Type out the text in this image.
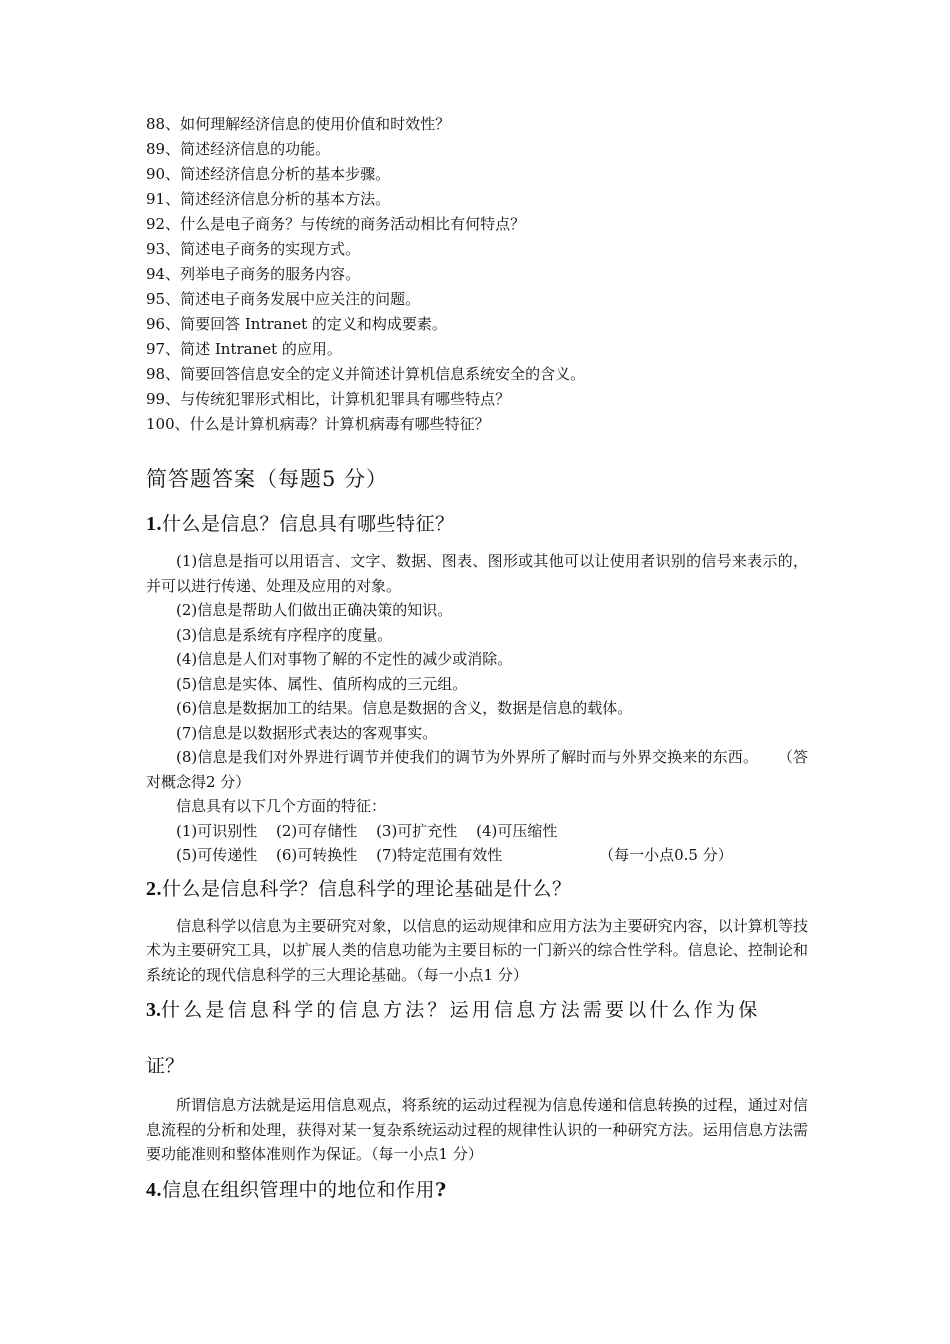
88、如何理解经济信息的使用价值和时效性？
89、简述经济信息的功能。
90、简述经济信息分析的基本步骤。
91、简述经济信息分析的基本方法。
92、什么是电子商务？与传统的商务活动相比有何特点？
93、简述电子商务的实现方式。
94、列举电子商务的服务内容。
95、简述电子商务发展中应关注的问题。
96、简要回答 Intranet 的定义和构成要素。
97、简述 Intranet 的应用。
98、简要回答信息安全的定义并简述计算机信息系统安全的含义。
99、与传统犯罪形式相比，计算机犯罪具有哪些特点？
100、什么是计算机病毒？计算机病毒有哪些特征？
简答题答案（每题5 分）
1.什么是信息？信息具有哪些特征？
(1)信息是指可以用语言、文字、数据、图表、图形或其他可以让使用者识别的信号来表示的，并可以进行传递、处理及应用的对象。
(2)信息是帮助人们做出正确决策的知识。
(3)信息是系统有序程序的度量。
(4)信息是人们对事物了解的不定性的减少或消除。
(5)信息是实体、属性、值所构成的三元组。
(6)信息是数据加工的结果。信息是数据的含义，数据是信息的载体。
(7)信息是以数据形式表达的客观事实。
(8)信息是我们对外界进行调节并使我们的调节为外界所了解时而与外界交换来的东西。 （答对概念得2 分）
信息具有以下几个方面的特征：
(1)可识别性 (2)可存储性 (3)可扩充性 (4)可压缩性
(5)可传递性 (6)可转换性 (7)特定范围有效性	（每一小点0.5 分）
2.什么是信息科学？信息科学的理论基础是什么？
信息科学以信息为主要研究对象，以信息的运动规律和应用方法为主要研究内容，以计算机等技术为主要研究工具，以扩展人类的信息功能为主要目标的一门新兴的综合性学科。信息论、控制论和系统论的现代信息科学的三大理论基础。（每一小点1 分）
3.什么是信息科学的信息方法？运用信息方法需要以什么作为保
证？
所谓信息方法就是运用信息观点，将系统的运动过程视为信息传递和信息转换的过程，通过对信息流程的分析和处理，获得对某一复杂系统运动过程的规律性认识的一种研究方法。运用信息方法需要功能准则和整体准则作为保证。（每一小点1 分）
4.信息在组织管理中的地位和作用?
